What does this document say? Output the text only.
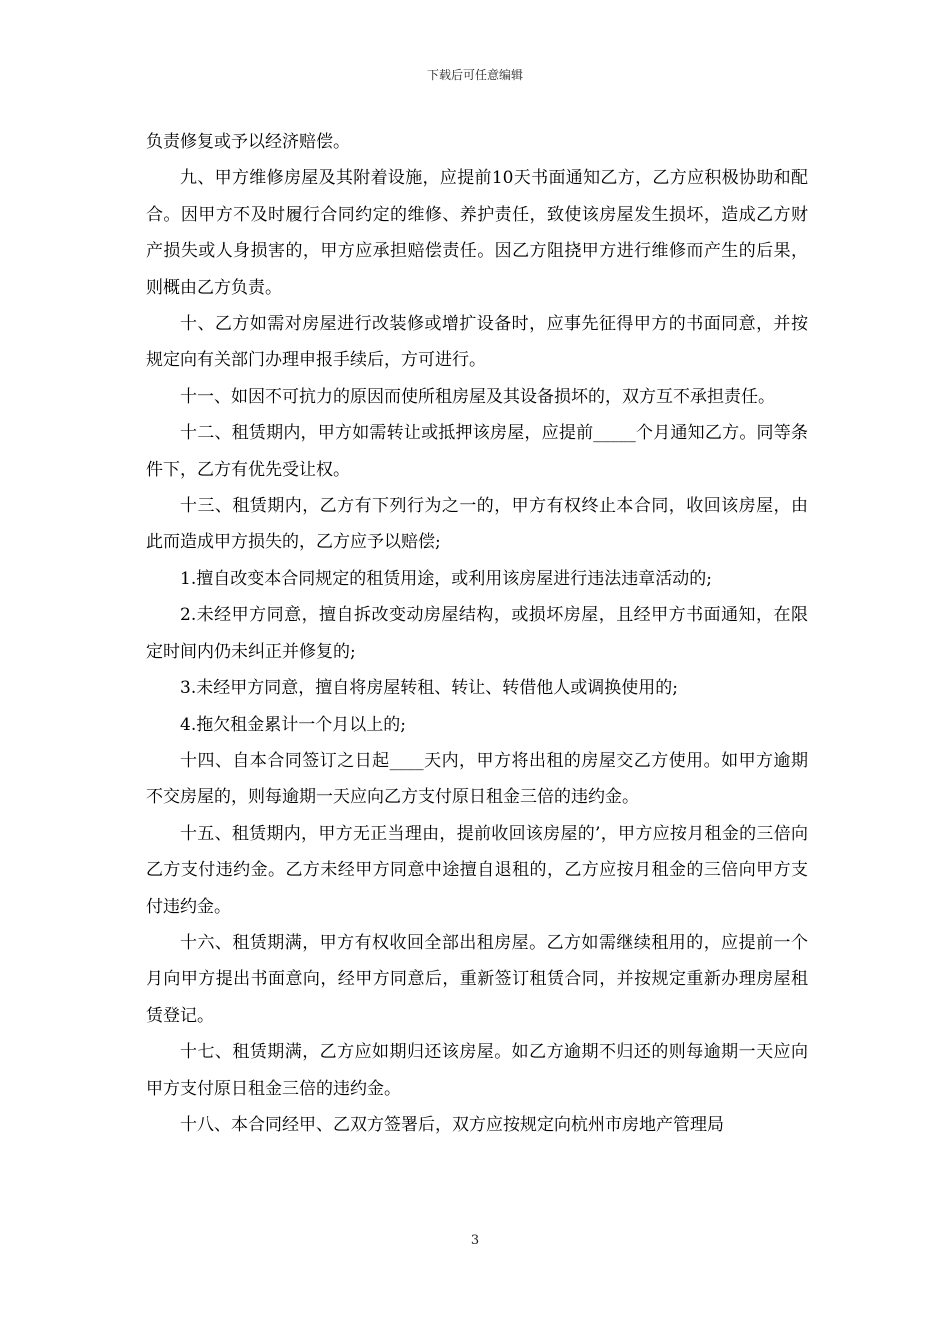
下载后可任意编辑

负责修复或予以经济赔偿。

九、甲方维修房屋及其附着设施，应提前10天书面通知乙方，乙方应积极协助和配合。因甲方不及时履行合同约定的维修、养护责任，致使该房屋发生损坏，造成乙方财产损失或人身损害的，甲方应承担赔偿责任。因乙方阻挠甲方进行维修而产生的后果，则概由乙方负责。

十、乙方如需对房屋进行改装修或增扩设备时，应事先征得甲方的书面同意，并按规定向有关部门办理申报手续后，方可进行。

十一、如因不可抗力的原因而使所租房屋及其设备损坏的，双方互不承担责任。

十二、租赁期内，甲方如需转让或抵押该房屋，应提前_____个月通知乙方。同等条件下，乙方有优先受让权。

十三、租赁期内，乙方有下列行为之一的，甲方有权终止本合同，收回该房屋，由此而造成甲方损失的，乙方应予以赔偿;

1.擅自改变本合同规定的租赁用途，或利用该房屋进行违法违章活动的;

2.未经甲方同意，擅自拆改变动房屋结构，或损坏房屋，且经甲方书面通知，在限定时间内仍未纠正并修复的;

3.未经甲方同意，擅自将房屋转租、转让、转借他人或调换使用的;

4.拖欠租金累计一个月以上的;

十四、自本合同签订之日起____天内，甲方将出租的房屋交乙方使用。如甲方逾期不交房屋的，则每逾期一天应向乙方支付原日租金三倍的违约金。

十五、租赁期内，甲方无正当理由，提前收回该房屋的’，甲方应按月租金的三倍向乙方支付违约金。乙方未经甲方同意中途擅自退租的，乙方应按月租金的三倍向甲方支付违约金。

十六、租赁期满，甲方有权收回全部出租房屋。乙方如需继续租用的，应提前一个月向甲方提出书面意向，经甲方同意后，重新签订租赁合同，并按规定重新办理房屋租赁登记。

十七、租赁期满，乙方应如期归还该房屋。如乙方逾期不归还的则每逾期一天应向甲方支付原日租金三倍的违约金。

十八、本合同经甲、乙双方签署后，双方应按规定向杭州市房地产管理局

3
